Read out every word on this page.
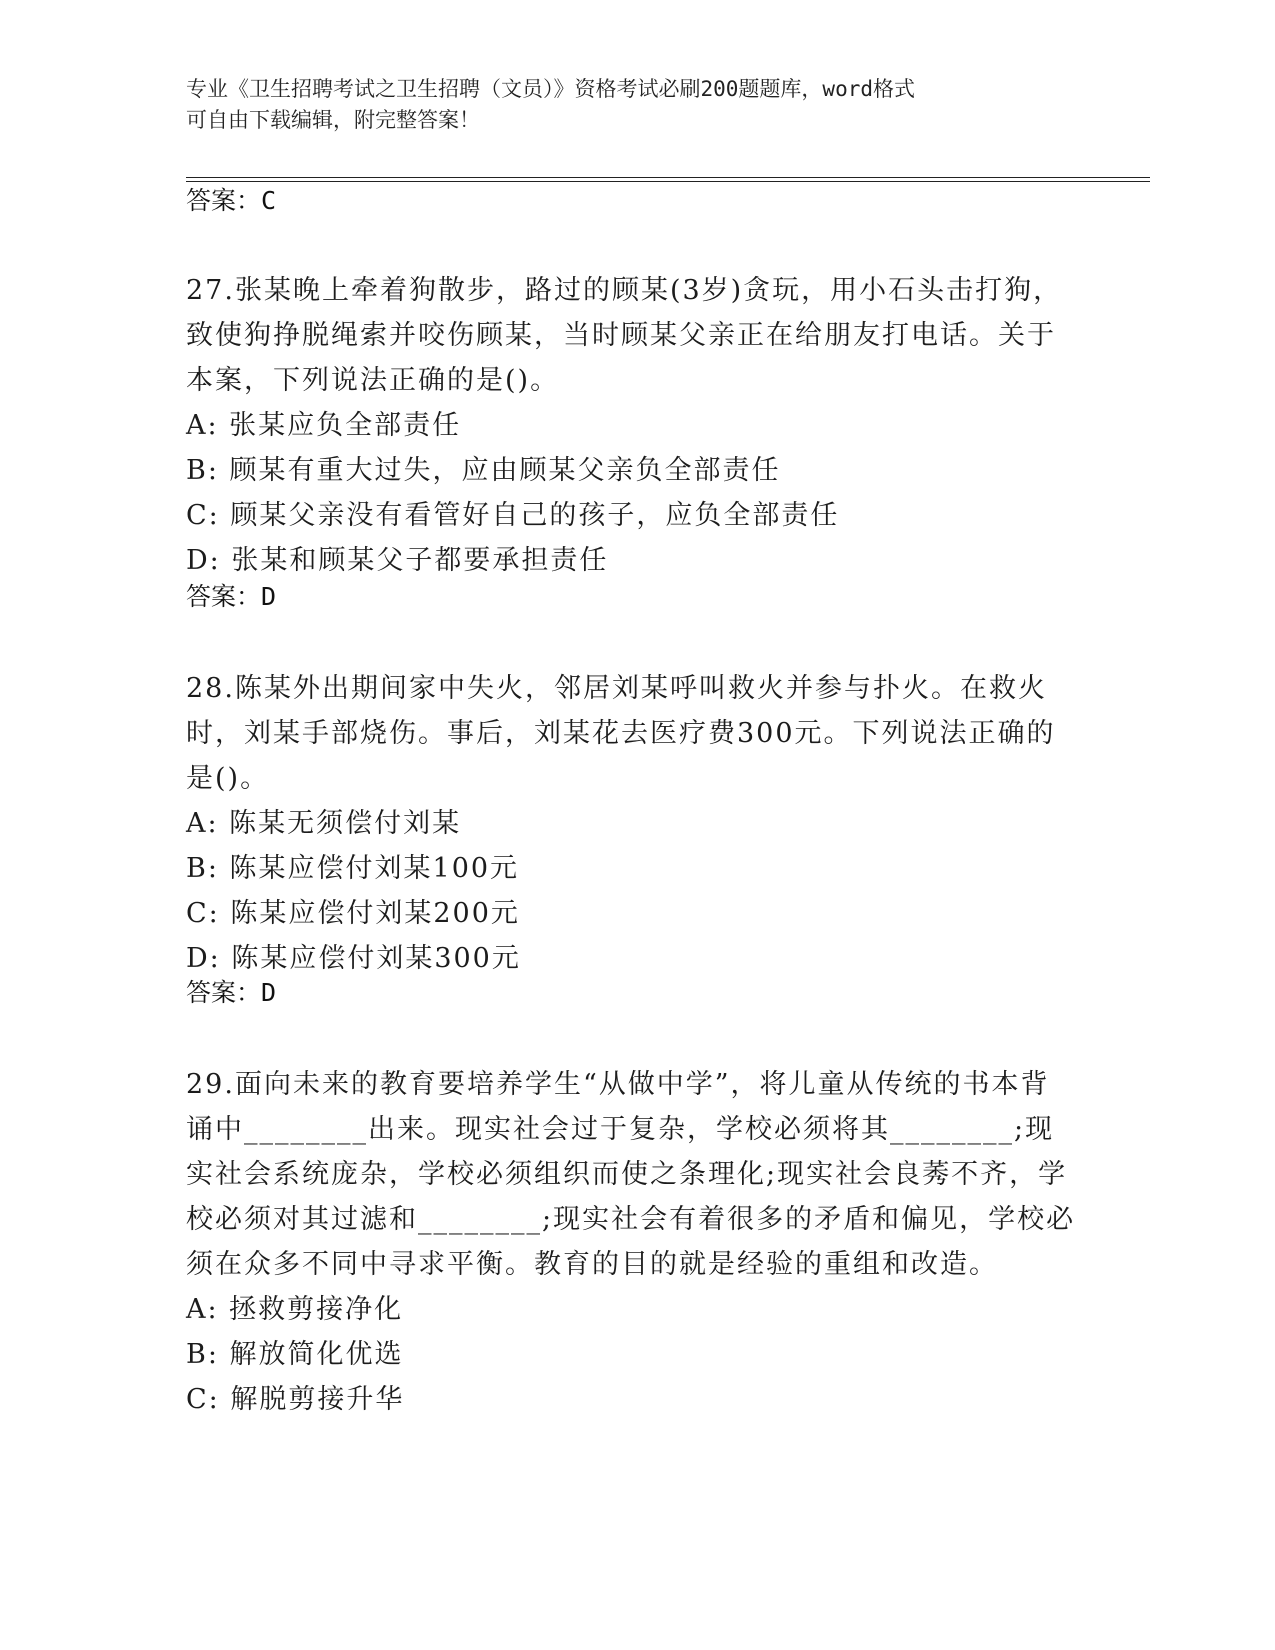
专业《卫生招聘考试之卫生招聘（文员）》资格考试必刷200题题库，word格式
可自由下载编辑，附完整答案！
答案：C

27.张某晚上牵着狗散步，路过的顾某(3岁)贪玩，用小石头击打狗，致使狗挣脱绳索并咬伤顾某，当时顾某父亲正在给朋友打电话。关于本案，下列说法正确的是()。

A: 张某应负全部责任

B: 顾某有重大过失，应由顾某父亲负全部责任

C: 顾某父亲没有看管好自己的孩子，应负全部责任

D: 张某和顾某父子都要承担责任

答案：D

28.陈某外出期间家中失火，邻居刘某呼叫救火并参与扑火。在救火时，刘某手部烧伤。事后，刘某花去医疗费300元。下列说法正确的是()。

A: 陈某无须偿付刘某

B: 陈某应偿付刘某100元

C: 陈某应偿付刘某200元

D: 陈某应偿付刘某300元

答案：D

29.面向未来的教育要培养学生“从做中学”，将儿童从传统的书本背诵中________出来。现实社会过于复杂，学校必须将其________;现实社会系统庞杂，学校必须组织而使之条理化;现实社会良莠不齐，学校必须对其过滤和________;现实社会有着很多的矛盾和偏见，学校必须在众多不同中寻求平衡。教育的目的就是经验的重组和改造。

A: 拯救剪接净化

B: 解放简化优选

C: 解脱剪接升华
